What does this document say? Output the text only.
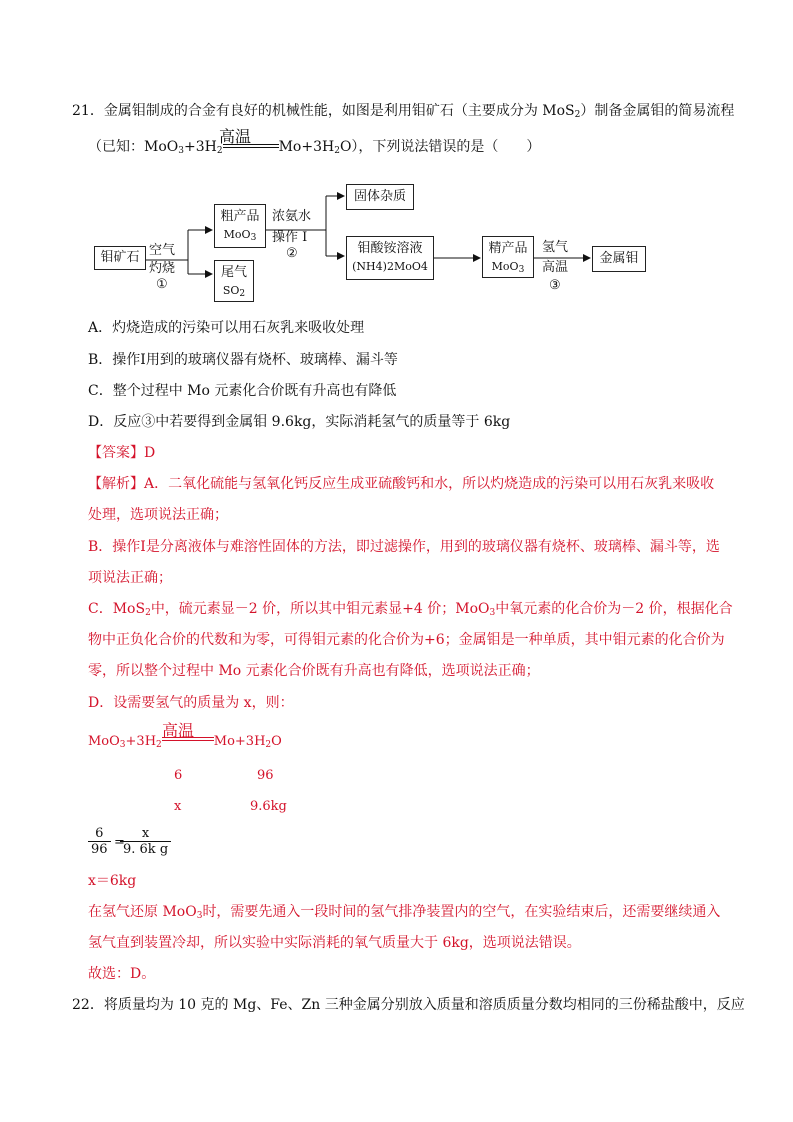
21．金属钼制成的合金有良好的机械性能，如图是利用钼矿石（主要成分为 MoS$_2$）制备金属钼的简易流程
（已知：$MoO_3+3H_2$	$Mo+3H_2O$），下列说法错误的是（　　）
高温
钼矿石 空气
灼烧
①
粗产品
MoO$_3$
尾气
$SO_2$
浓氨水
操作 I
②
固体杂质
钼酸铵溶液
(NH4)2MoO4
精产品
MoO$_3$
氢气
高温
③
金属钼
A．灼烧造成的污染可以用石灰乳来吸收处理
B．操作I用到的玻璃仪器有烧杯、玻璃棒、漏斗等
C．整个过程中 Mo 元素化合价既有升高也有降低
D．反应③中若要得到金属钼 9.6kg，实际消耗氢气的质量等于 6kg
【答案】D
【解析】A．二氧化硫能与氢氧化钙反应生成亚硫酸钙和水，所以灼烧造成的污染可以用石灰乳来吸收
处理，选项说法正确；
B．操作I是分离液体与难溶性固体的方法，即过滤操作，用到的玻璃仪器有烧杯、玻璃棒、漏斗等，选
项说法正确；
C．MoS$_2$中，硫元素显－2 价，所以其中钼元素显+4 价；MoO$_3$中氧元素的化合价为－2 价，根据化合
物中正负化合价的代数和为零，可得钼元素的化合价为+6；金属钼是一种单质，其中钼元素的化合价为
零，所以整个过程中 Mo 元素化合价既有升高也有降低，选项说法正确；
D．设需要氢气的质量为 x，则：
高温
$MoO_3+3H_2$	$Mo+3H_2O$
6	96
x	9.6kg
$\frac{6}{96}$ =
$\frac{x}{\text{9. 6k g}}$
x＝6kg
在氢气还原 MoO$_3$时，需要先通入一段时间的氢气排净装置内的空气，在实验结束后，还需要继续通入
氢气直到装置冷却，所以实验中实际消耗的氧气质量大于 6kg，选项说法错误。
故选：D。
22．将质量均为 10 克的 Mg、Fe、Zn 三种金属分别放入质量和溶质质量分数均相同的三份稀盐酸中，反应
